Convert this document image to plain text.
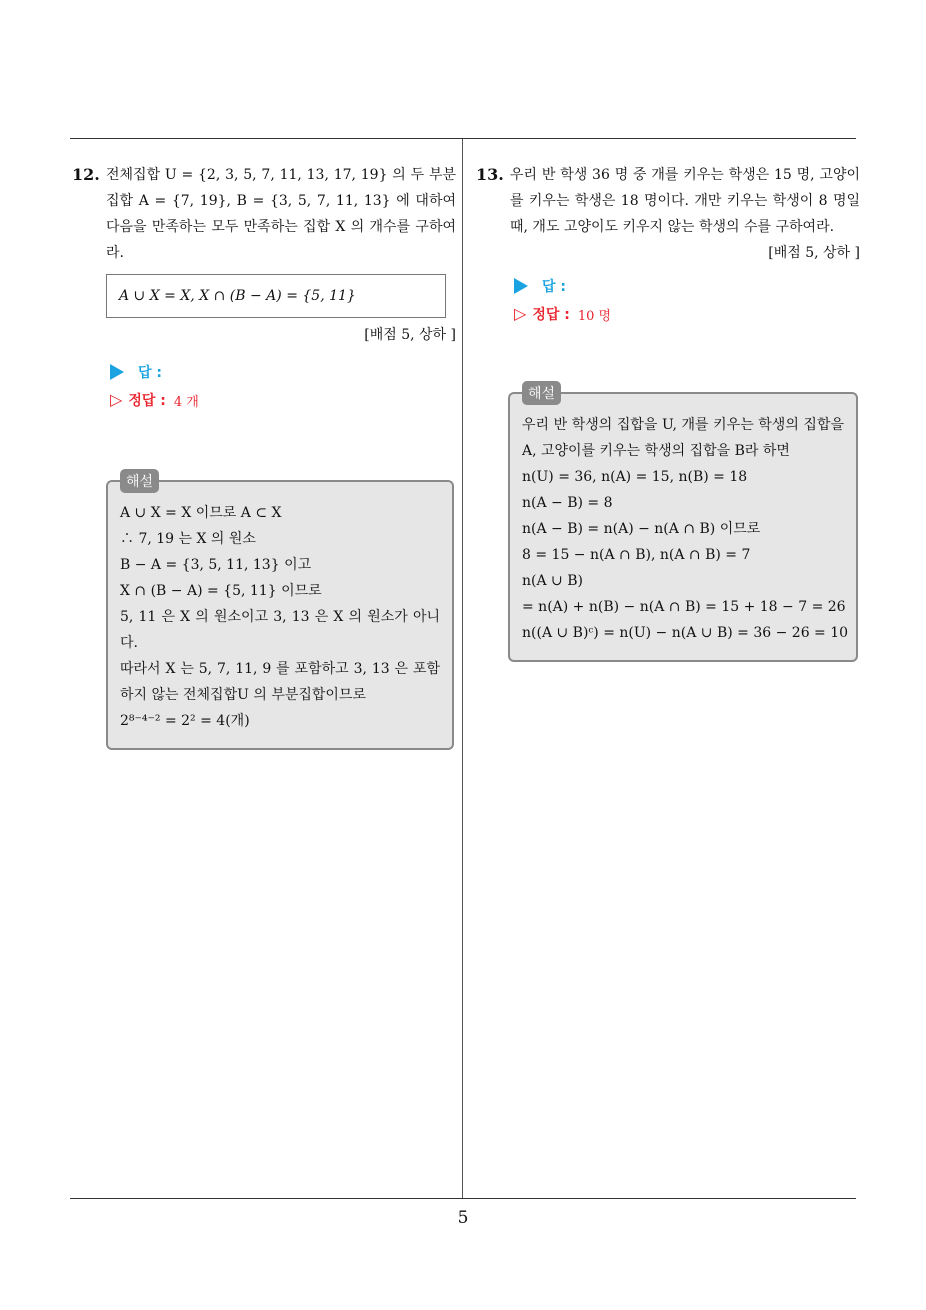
12. 전체집합 U = {2, 3, 5, 7, 11, 13, 17, 19} 의 두 부분집합 A = {7, 19}, B = {3, 5, 7, 11, 13} 에 대하여 다음을 만족하는 모두 만족하는 집합 X 의 개수를 구하여라.
A ∪ X = X, X ∩ (B − A) = {5, 11}
[배점 5, 상하 ]
답 :
▷ 정답 : 4 개
해설
A ∪ X = X 이므로 A ⊂ X
∴ 7, 19 는 X 의 원소
B − A = {3, 5, 11, 13} 이고
X ∩ (B − A) = {5, 11} 이므로
5, 11 은 X 의 원소이고 3, 13 은 X 의 원소가 아니다.
따라서 X 는 5, 7, 11, 9 를 포함하고 3, 13 은 포함하지 않는 전체집합U 의 부분집합이므로
2⁸⁻⁴⁻² = 2² = 4(개)
13. 우리 반 학생 36 명 중 개를 키우는 학생은 15 명, 고양이를 키우는 학생은 18 명이다. 개만 키우는 학생이 8 명일 때, 개도 고양이도 키우지 않는 학생의 수를 구하여라.
[배점 5, 상하 ]
답 :
▷ 정답 : 10 명
해설
우리 반 학생의 집합을 U, 개를 키우는 학생의 집합을 A, 고양이를 키우는 학생의 집합을 B라 하면
n(U) = 36, n(A) = 15, n(B) = 18
n(A − B) = 8
n(A − B) = n(A) − n(A ∩ B) 이므로
8 = 15 − n(A ∩ B), n(A ∩ B) = 7
n(A ∪ B)
= n(A) + n(B) − n(A ∩ B) = 15 + 18 − 7 = 26
n((A ∪ B)ᶜ) = n(U) − n(A ∪ B) = 36 − 26 = 10
5
